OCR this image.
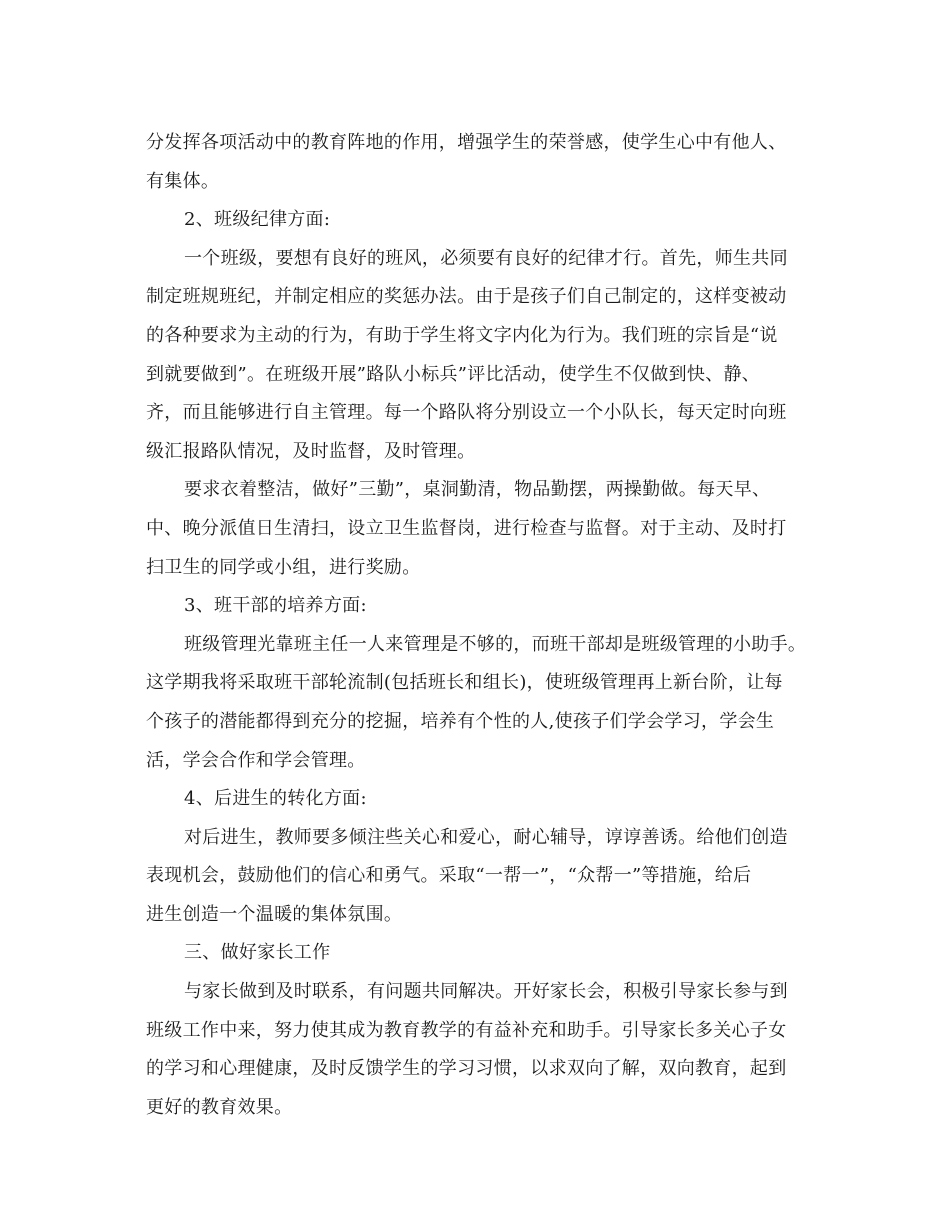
分发挥各项活动中的教育阵地的作用，增强学生的荣誉感，使学生心中有他人、
有集体。
2、班级纪律方面:
一个班级，要想有良好的班风，必须要有良好的纪律才行。首先，师生共同
制定班规班纪，并制定相应的奖惩办法。由于是孩子们自己制定的，这样变被动
的各种要求为主动的行为，有助于学生将文字内化为行为。我们班的宗旨是“说
到就要做到”。在班级开展”路队小标兵”评比活动，使学生不仅做到快、静、
齐，而且能够进行自主管理。每一个路队将分别设立一个小队长，每天定时向班
级汇报路队情况，及时监督，及时管理。
要求衣着整洁，做好”三勤”，桌洞勤清，物品勤摆，两操勤做。每天早、
中、晚分派值日生清扫，设立卫生监督岗，进行检查与监督。对于主动、及时打
扫卫生的同学或小组，进行奖励。
3、班干部的培养方面:
班级管理光靠班主任一人来管理是不够的，而班干部却是班级管理的小助手。
这学期我将采取班干部轮流制(包括班长和组长)，使班级管理再上新台阶，让每
个孩子的潜能都得到充分的挖掘，培养有个性的人,使孩子们学会学习，学会生
活，学会合作和学会管理。
4、后进生的转化方面:
对后进生，教师要多倾注些关心和爱心，耐心辅导，谆谆善诱。给他们创造
表现机会，鼓励他们的信心和勇气。采取“一帮一”，“众帮一”等措施，给后
进生创造一个温暖的集体氛围。
三、做好家长工作
与家长做到及时联系，有问题共同解决。开好家长会，积极引导家长参与到
班级工作中来，努力使其成为教育教学的有益补充和助手。引导家长多关心子女
的学习和心理健康，及时反馈学生的学习习惯，以求双向了解，双向教育，起到
更好的教育效果。
